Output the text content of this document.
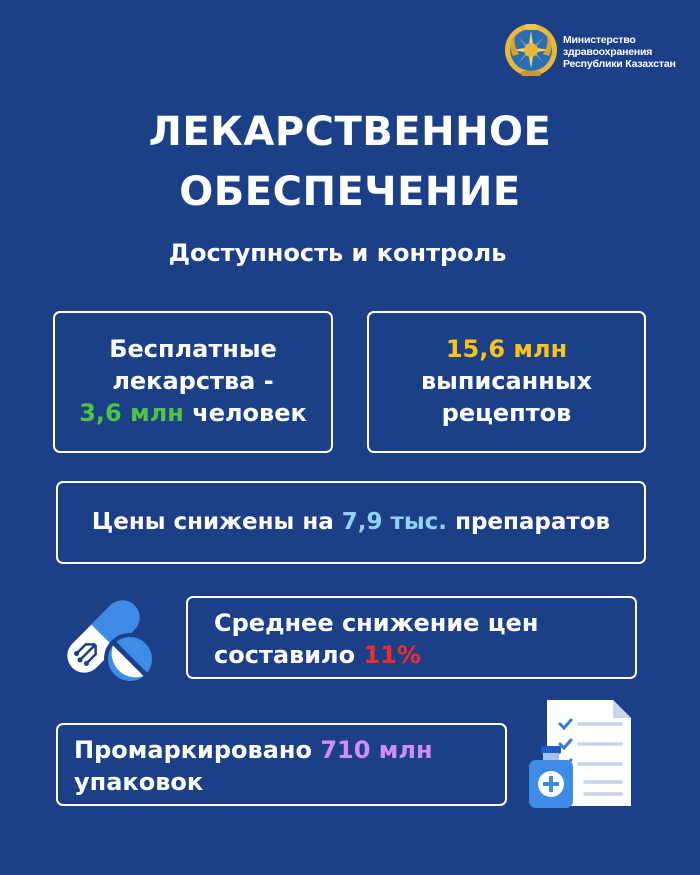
Министерство
здравоохранения
Республики Казахстан
ЛЕКАРСТВЕННОЕ
ОБЕСПЕЧЕНИЕ
Доступность и контроль
Бесплатные
лекарства -
3,6 млн человек
15,6 млн
выписанных
рецептов
Цены снижены на 7,9 тыс. препаратов
Среднее снижение цен
составило 11%
Промаркировано 710 млн
упаковок
